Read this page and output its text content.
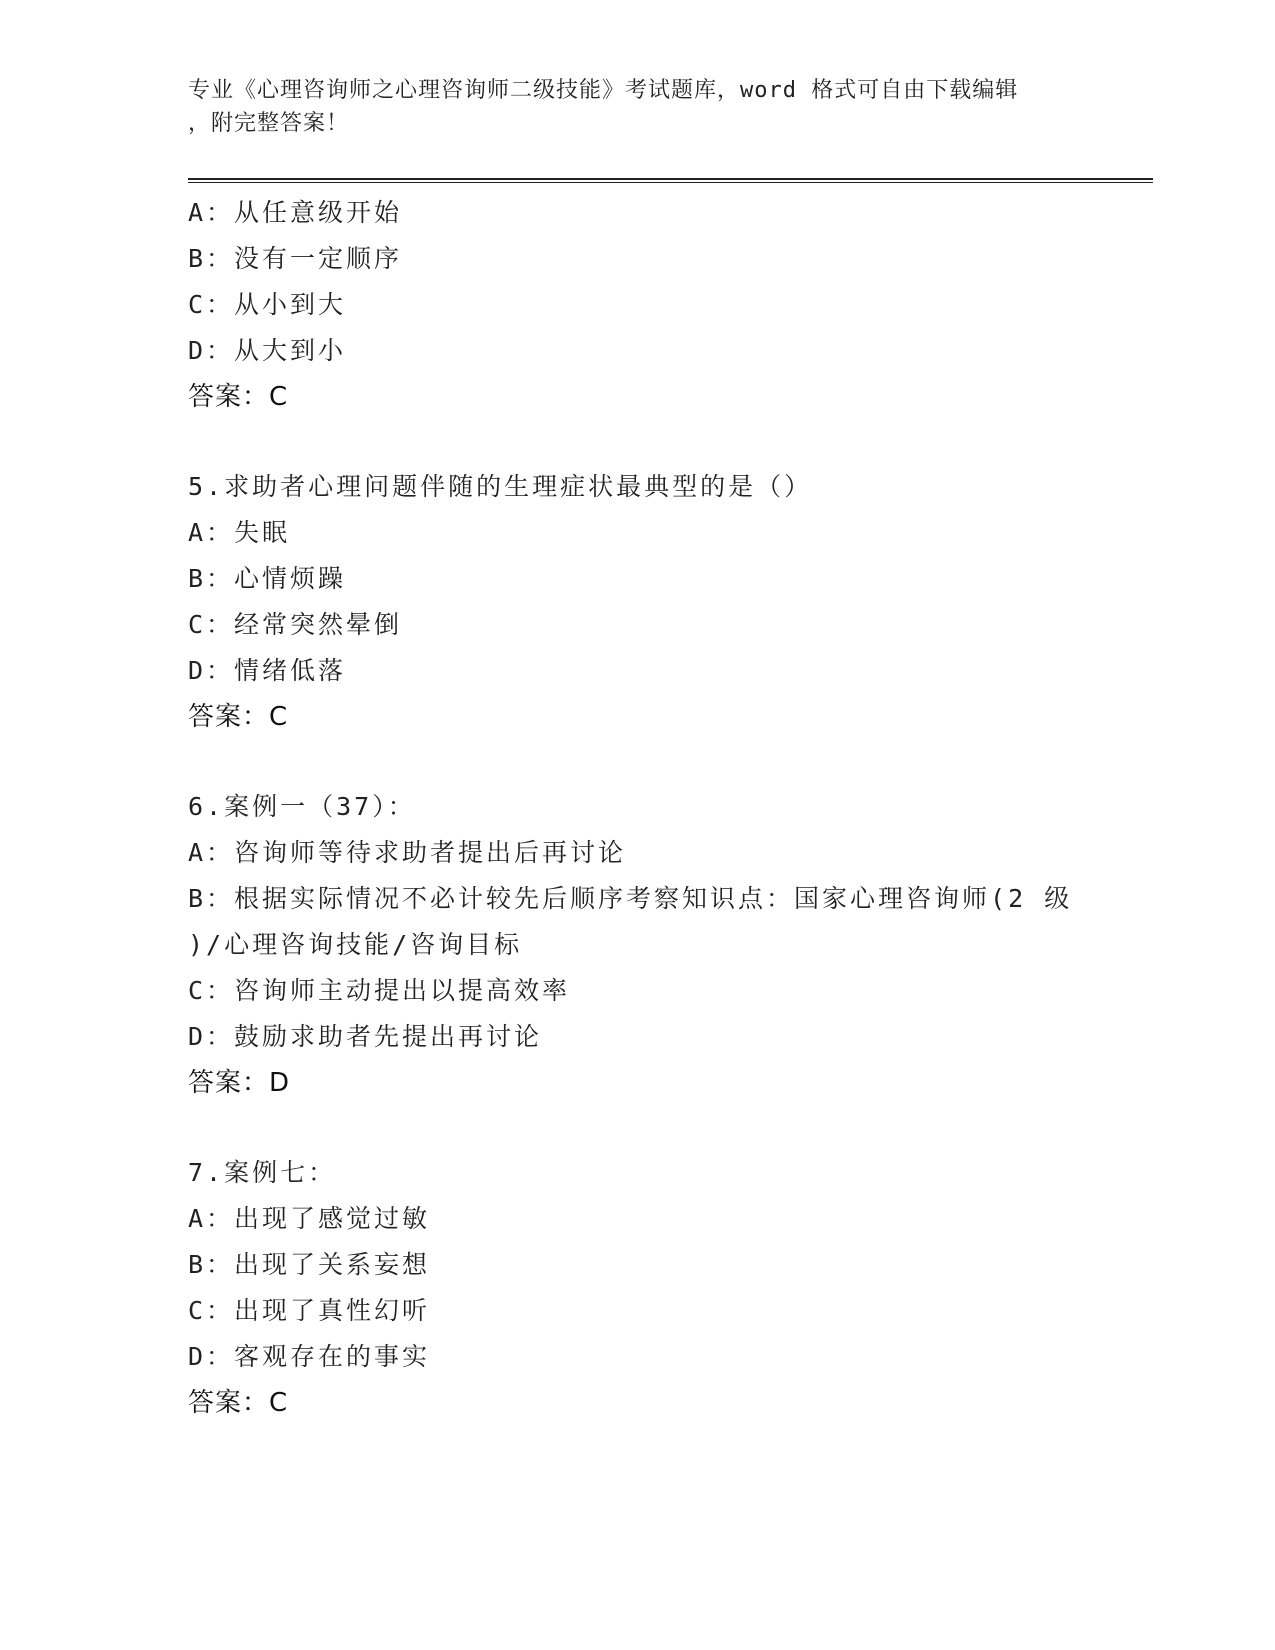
专业《心理咨询师之心理咨询师二级技能》考试题库，word 格式可自由下载编辑

，附完整答案！

A：从任意级开始
B：没有一定顺序
C：从小到大
D：从大到小
答案：C
5.求助者心理问题伴随的生理症状最典型的是（）
A：失眠
B：心情烦躁
C：经常突然晕倒
D：情绪低落
答案：C
6.案例一（37）：
A：咨询师等待求助者提出后再讨论
B：根据实际情况不必计较先后顺序考察知识点：国家心理咨询师(2 级
)/心理咨询技能/咨询目标
C：咨询师主动提出以提高效率
D：鼓励求助者先提出再讨论
答案：D
7.案例七：
A：出现了感觉过敏
B：出现了关系妄想
C：出现了真性幻听
D：客观存在的事实
答案：C
